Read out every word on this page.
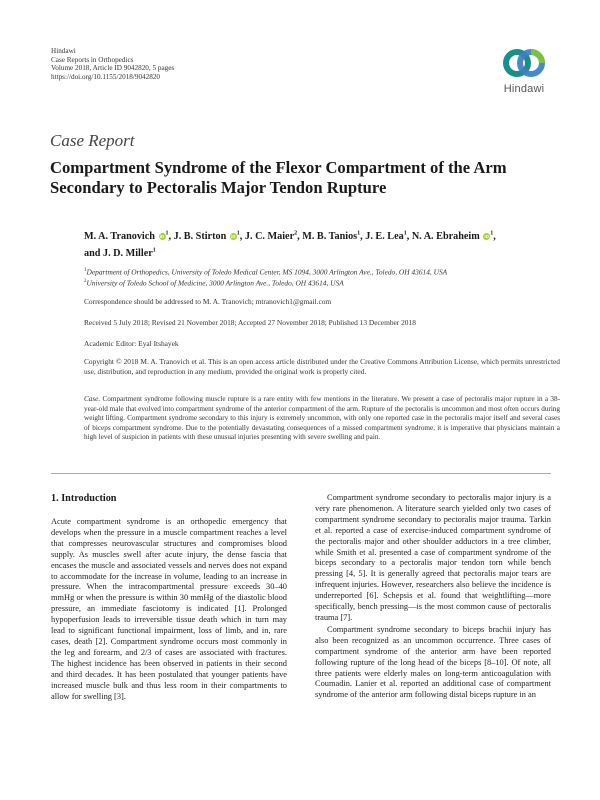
Hindawi
Case Reports in Orthopedics
Volume 2018, Article ID 9042820, 5 pages
https://doi.org/10.1155/2018/9042820
Hindawi
Case Report
Compartment Syndrome of the Flexor Compartment of the Arm Secondary to Pectoralis Major Tendon Rupture
M. A. Tranovich $iD^1$, J. B. Stirton $iD^1$, J. C. Maier$^2$, M. B. Tanios$^1$, J. E. Lea$^1$, N. A. Ebraheim $iD^1$, and J. D. Miller$^1$
$^1$Department of Orthopedics, University of Toledo Medical Center, MS 1094, 3000 Arlington Ave., Toledo, OH 43614, USA
$^2$University of Toledo School of Medicine, 3000 Arlington Ave., Toledo, OH 43614, USA
Correspondence should be addressed to M. A. Tranovich; mtranovich1@gmail.com
Received 5 July 2018; Revised 21 November 2018; Accepted 27 November 2018; Published 13 December 2018
Academic Editor: Eyal Itshayek
Copyright © 2018 M. A. Tranovich et al. This is an open access article distributed under the Creative Commons Attribution License, which permits unrestricted use, distribution, and reproduction in any medium, provided the original work is properly cited.
Case. Compartment syndrome following muscle rupture is a rare entity with few mentions in the literature. We present a case of pectoralis major rupture in a 38-year-old male that evolved into compartment syndrome of the anterior compartment of the arm. Rupture of the pectoralis is uncommon and most often occurs during weight lifting. Compartment syndrome secondary to this injury is extremely uncommon, with only one reported case in the pectoralis major itself and several cases of biceps compartment syndrome. Due to the potentially devastating consequences of a missed compartment syndrome, it is imperative that physicians maintain a high level of suspicion in patients with these unusual injuries presenting with severe swelling and pain.
1. Introduction

Acute compartment syndrome is an orthopedic emergency that develops when the pressure in a muscle compartment reaches a level that compresses neurovascular structures and compromises blood supply. As muscles swell after acute injury, the dense fascia that encases the muscle and associated vessels and nerves does not expand to accommodate for the increase in volume, leading to an increase in pressure. When the intracompartmental pressure exceeds 30–40 mmHg or when the pressure is within 30 mmHg of the diastolic blood pressure, an immediate fasciotomy is indicated [1]. Prolonged hypoperfusion leads to irreversible tissue death which in turn may lead to significant functional impairment, loss of limb, and in, rare cases, death [2]. Compartment syndrome occurs most commonly in the leg and forearm, and 2/3 of cases are associated with fractures. The highest incidence has been observed in patients in their second and third decades. It has been postulated that younger patients have increased muscle bulk and thus less room in their compartments to allow for swelling [3].

Compartment syndrome secondary to pectoralis major injury is a very rare phenomenon. A literature search yielded only two cases of compartment syndrome secondary to pectoralis major trauma. Tarkin et al. reported a case of exercise-induced compartment syndrome of the pectoralis major and other shoulder adductors in a tree climber, while Smith et al. presented a case of compartment syndrome of the biceps secondary to a pectoralis major tendon torn while bench pressing [4, 5]. It is generally agreed that pectoralis major tears are infrequent injuries. However, researchers also believe the incidence is underreported [6]. Schepsis et al. found that weightlifting—more specifically, bench pressing—is the most common cause of pectoralis trauma [7].

Compartment syndrome secondary to biceps brachii injury has also been recognized as an uncommon occurrence. Three cases of compartment syndrome of the anterior arm have been reported following rupture of the long head of the biceps [8–10]. Of note, all three patients were elderly males on long-term anticoagulation with Coumadin. Lanier et al. reported an additional case of compartment syndrome of the anterior arm following distal biceps rupture in an
